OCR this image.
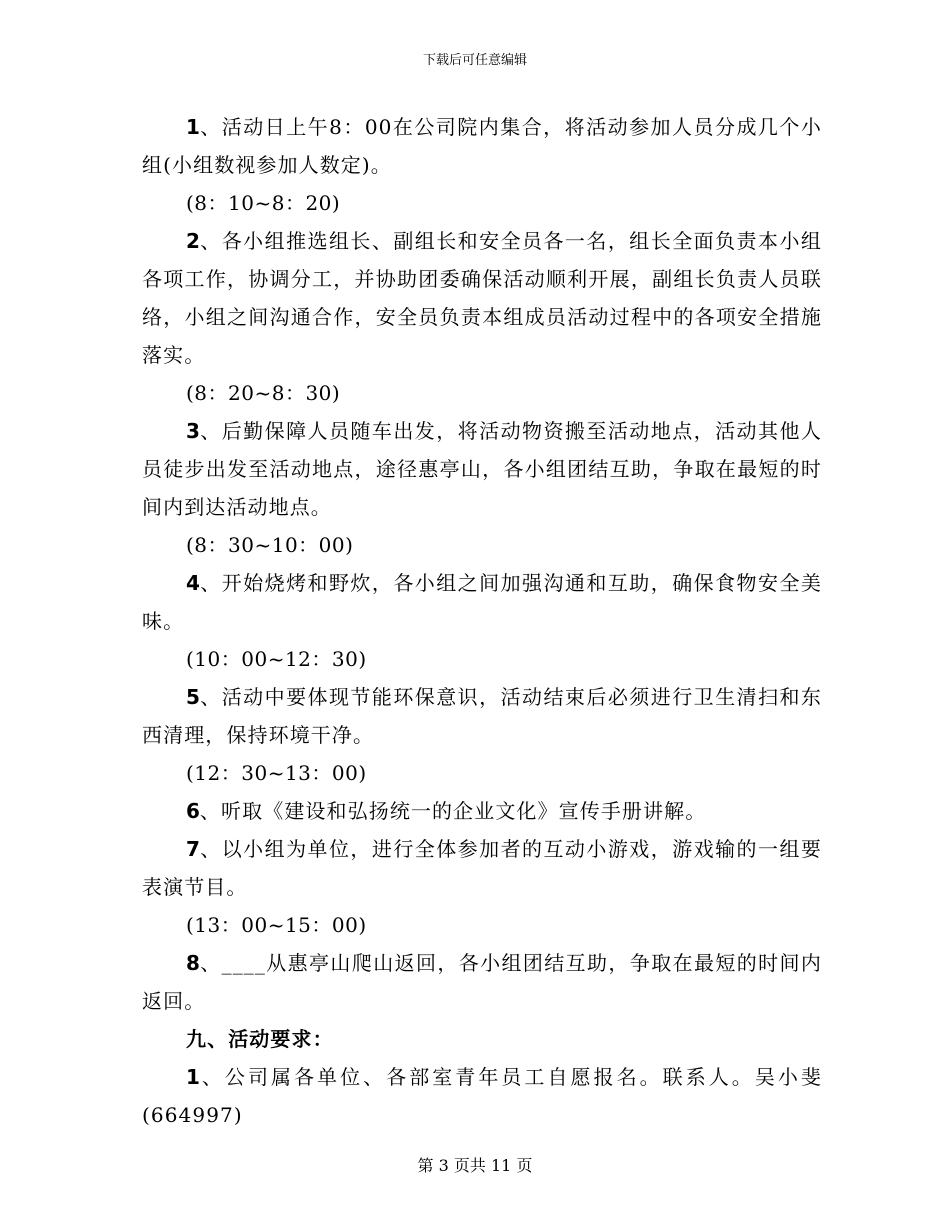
下载后可任意编辑

1、活动日上午8：00在公司院内集合，将活动参加人员分成几个小组(小组数视参加人数定)。

(8：10~8：20)

2、各小组推选组长、副组长和安全员各一名，组长全面负责本小组各项工作，协调分工，并协助团委确保活动顺利开展，副组长负责人员联络，小组之间沟通合作，安全员负责本组成员活动过程中的各项安全措施落实。

(8：20~8：30)

3、后勤保障人员随车出发，将活动物资搬至活动地点，活动其他人员徒步出发至活动地点，途径惠亭山，各小组团结互助，争取在最短的时间内到达活动地点。

(8：30~10：00)

4、开始烧烤和野炊，各小组之间加强沟通和互助，确保食物安全美味。

(10：00~12：30)

5、活动中要体现节能环保意识，活动结束后必须进行卫生清扫和东西清理，保持环境干净。

(12：30~13：00)

6、听取《建设和弘扬统一的企业文化》宣传手册讲解。

7、以小组为单位，进行全体参加者的互动小游戏，游戏输的一组要表演节目。

(13：00~15：00)

8、____从惠亭山爬山返回，各小组团结互助，争取在最短的时间内返回。

九、活动要求：

1、公司属各单位、各部室青年员工自愿报名。联系人。吴小斐(664997)

第 3 页共 11 页
